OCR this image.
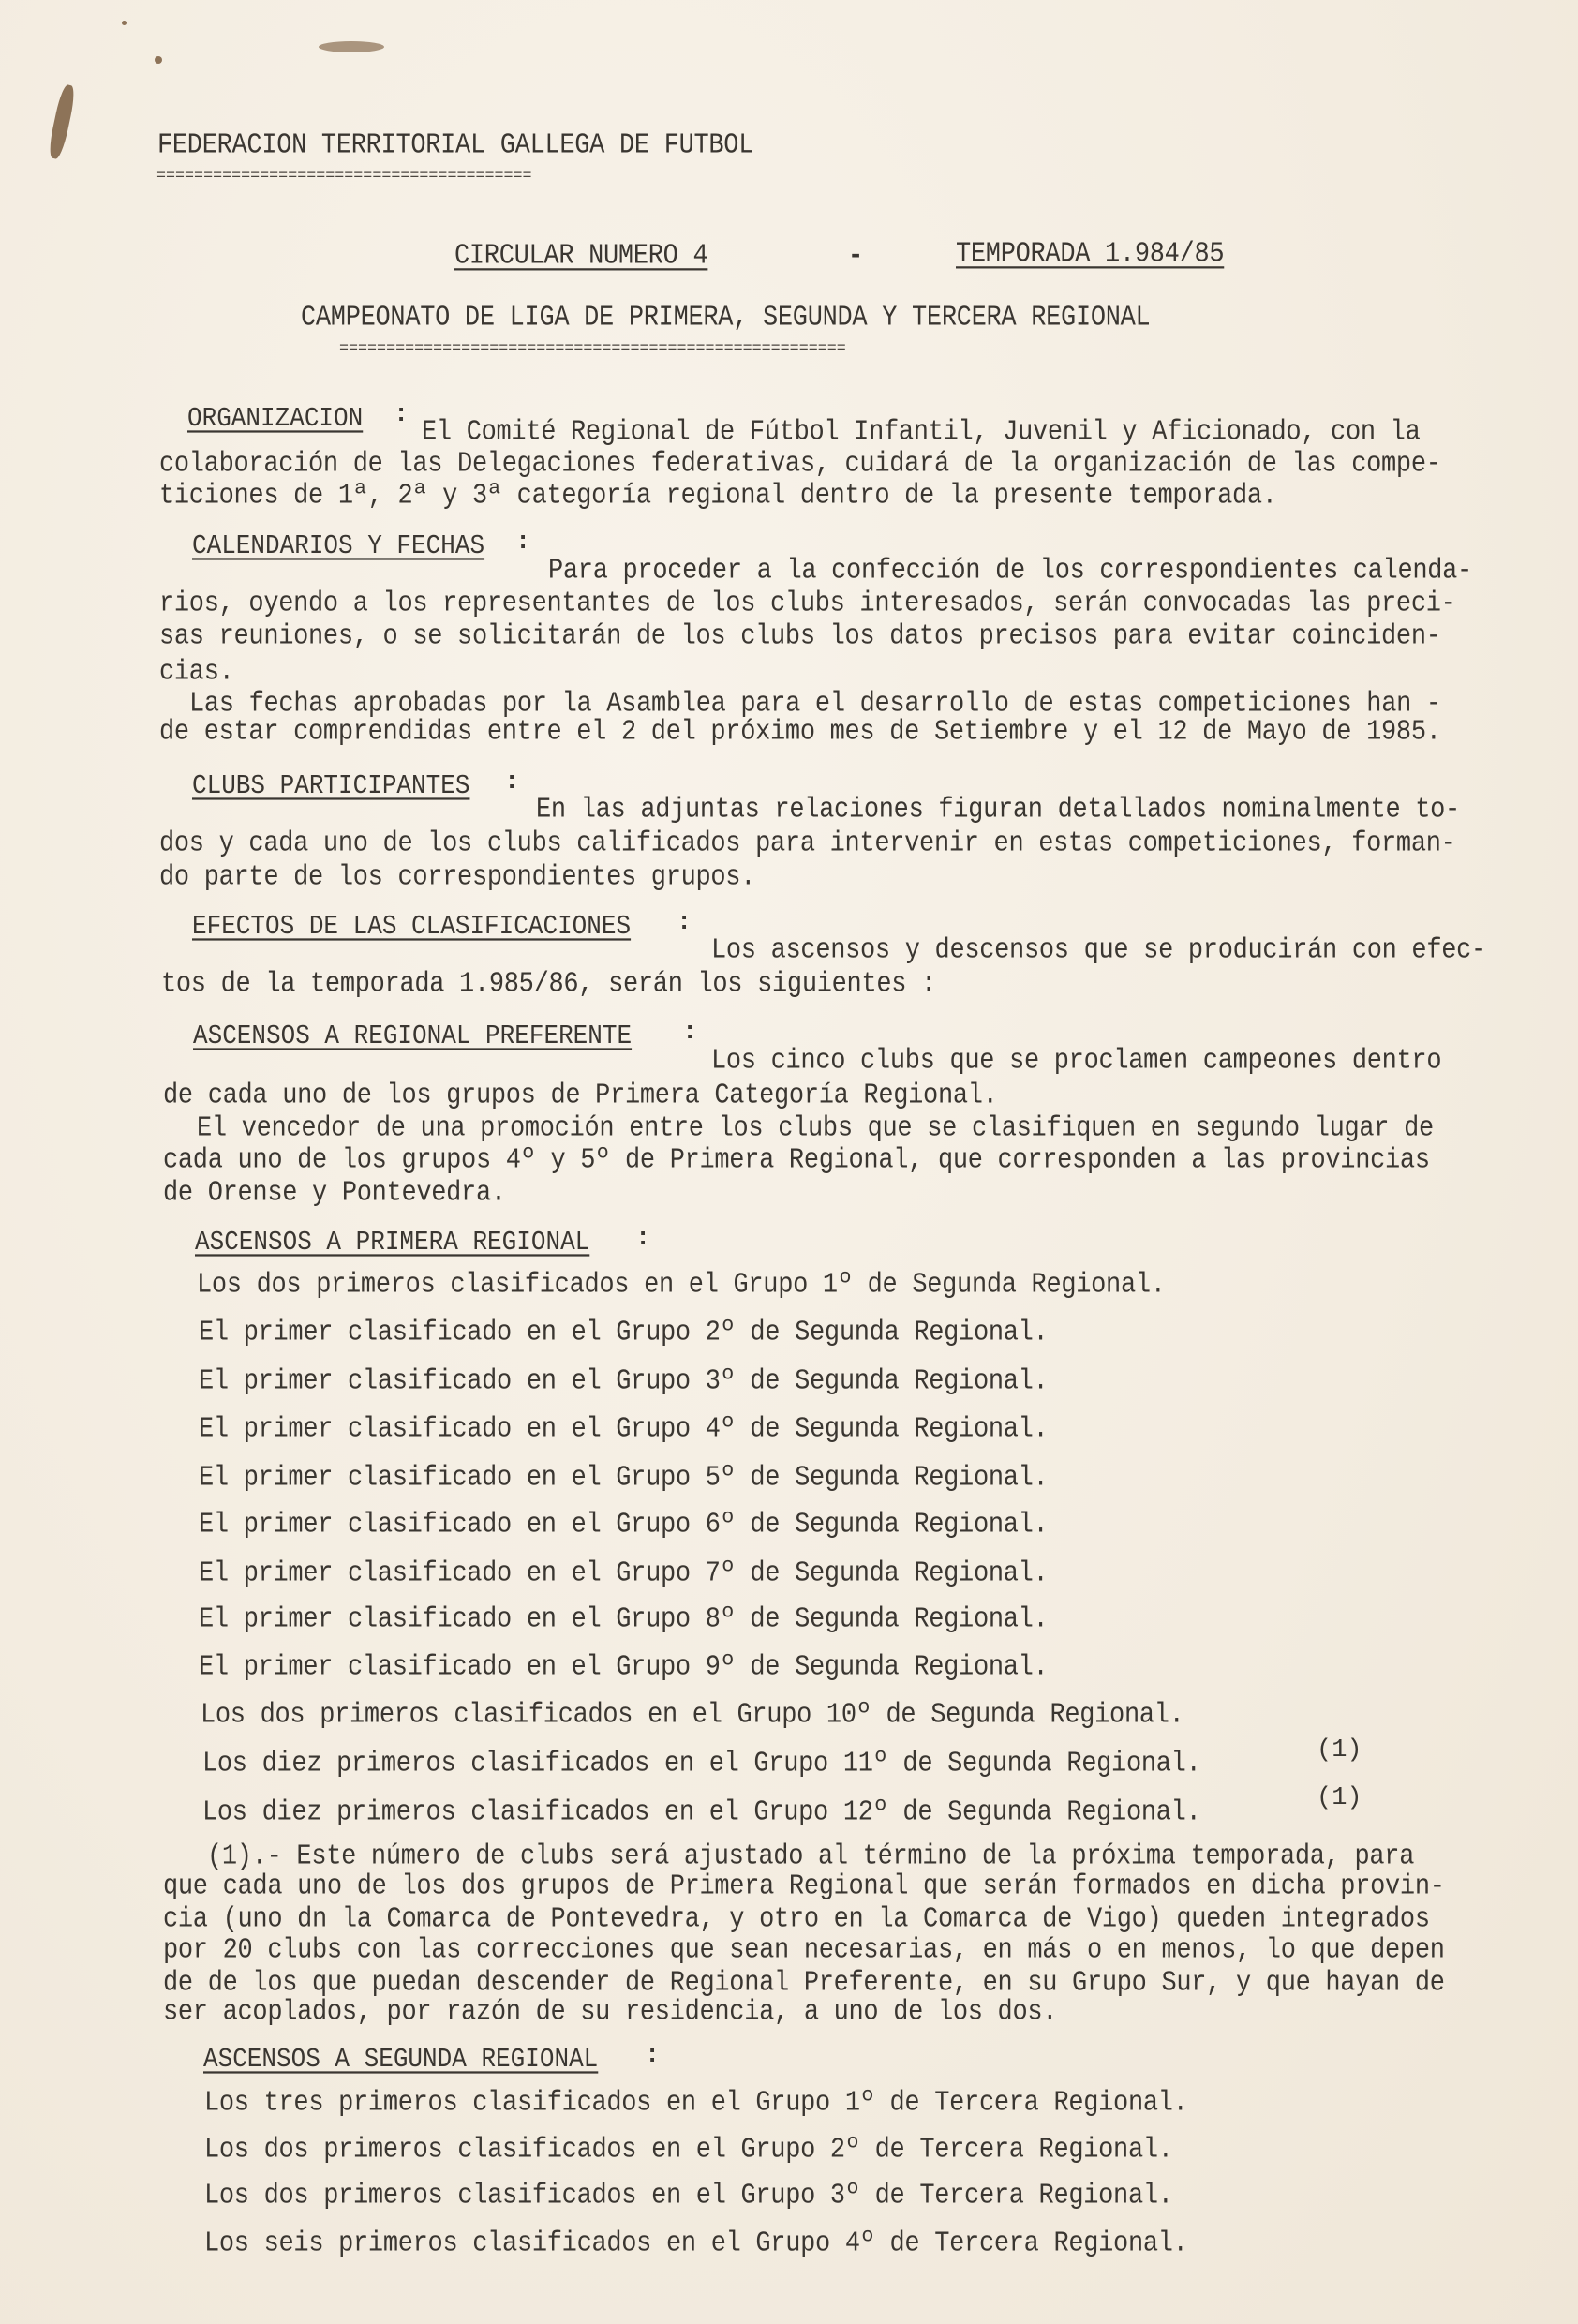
FEDERACION TERRITORIAL GALLEGA DE FUTBOL
========================================
CIRCULAR NUMERO 4	-	TEMPORADA 1.984/85
CAMPEONATO DE LIGA DE PRIMERA, SEGUNDA Y TERCERA REGIONAL
======================================================
ORGANIZACION :
El Comité Regional de Fútbol Infantil, Juvenil y Aficionado, con la
colaboración de las Delegaciones federativas, cuidará de la organización de las compe-
ticiones de 1ª, 2ª y 3ª categoría regional dentro de la presente temporada.
CALENDARIOS Y FECHAS :
Para proceder a la confección de los correspondientes calenda-
rios, oyendo a los representantes de los clubs interesados, serán convocadas las preci-
sas reuniones, o se solicitarán de los clubs los datos precisos para evitar coinciden-
cias.
Las fechas aprobadas por la Asamblea para el desarrollo de estas competiciones han -
de estar comprendidas entre el 2 del próximo mes de Setiembre y el 12 de Mayo de 1985.
CLUBS PARTICIPANTES :
En las adjuntas relaciones figuran detallados nominalmente to-
dos y cada uno de los clubs calificados para intervenir en estas competiciones, forman-
do parte de los correspondientes grupos.
EFECTOS DE LAS CLASIFICACIONES :
Los ascensos y descensos que se producirán con efec-
tos de la temporada 1.985/86, serán los siguientes :
ASCENSOS A REGIONAL PREFERENTE :
Los cinco clubs que se proclamen campeones dentro
de cada uno de los grupos de Primera Categoría Regional.
El vencedor de una promoción entre los clubs que se clasifiquen en segundo lugar de
cada uno de los grupos 4º y 5º de Primera Regional, que corresponden a las provincias
de Orense y Pontevedra.
ASCENSOS A PRIMERA REGIONAL :
Los dos primeros clasificados en el Grupo 1º de Segunda Regional.
El primer clasificado en el Grupo 2º de Segunda Regional.
El primer clasificado en el Grupo 3º de Segunda Regional.
El primer clasificado en el Grupo 4º de Segunda Regional.
El primer clasificado en el Grupo 5º de Segunda Regional.
El primer clasificado en el Grupo 6º de Segunda Regional.
El primer clasificado en el Grupo 7º de Segunda Regional.
El primer clasificado en el Grupo 8º de Segunda Regional.
El primer clasificado en el Grupo 9º de Segunda Regional.
Los dos primeros clasificados en el Grupo 10º de Segunda Regional.
Los diez primeros clasificados en el Grupo 11º de Segunda Regional.	(1)
Los diez primeros clasificados en el Grupo 12º de Segunda Regional.	(1)
(1).- Este número de clubs será ajustado al término de la próxima temporada, para
que cada uno de los dos grupos de Primera Regional que serán formados en dicha provin-
cia (uno dn la Comarca de Pontevedra, y otro en la Comarca de Vigo) queden integrados
por 20 clubs con las correcciones que sean necesarias, en más o en menos, lo que depen
de de los que puedan descender de Regional Preferente, en su Grupo Sur, y que hayan de
ser acoplados, por razón de su residencia, a uno de los dos.
ASCENSOS A SEGUNDA REGIONAL :
Los tres primeros clasificados en el Grupo 1º de Tercera Regional.
Los dos primeros clasificados en el Grupo 2º de Tercera Regional.
Los dos primeros clasificados en el Grupo 3º de Tercera Regional.
Los seis primeros clasificados en el Grupo 4º de Tercera Regional.
